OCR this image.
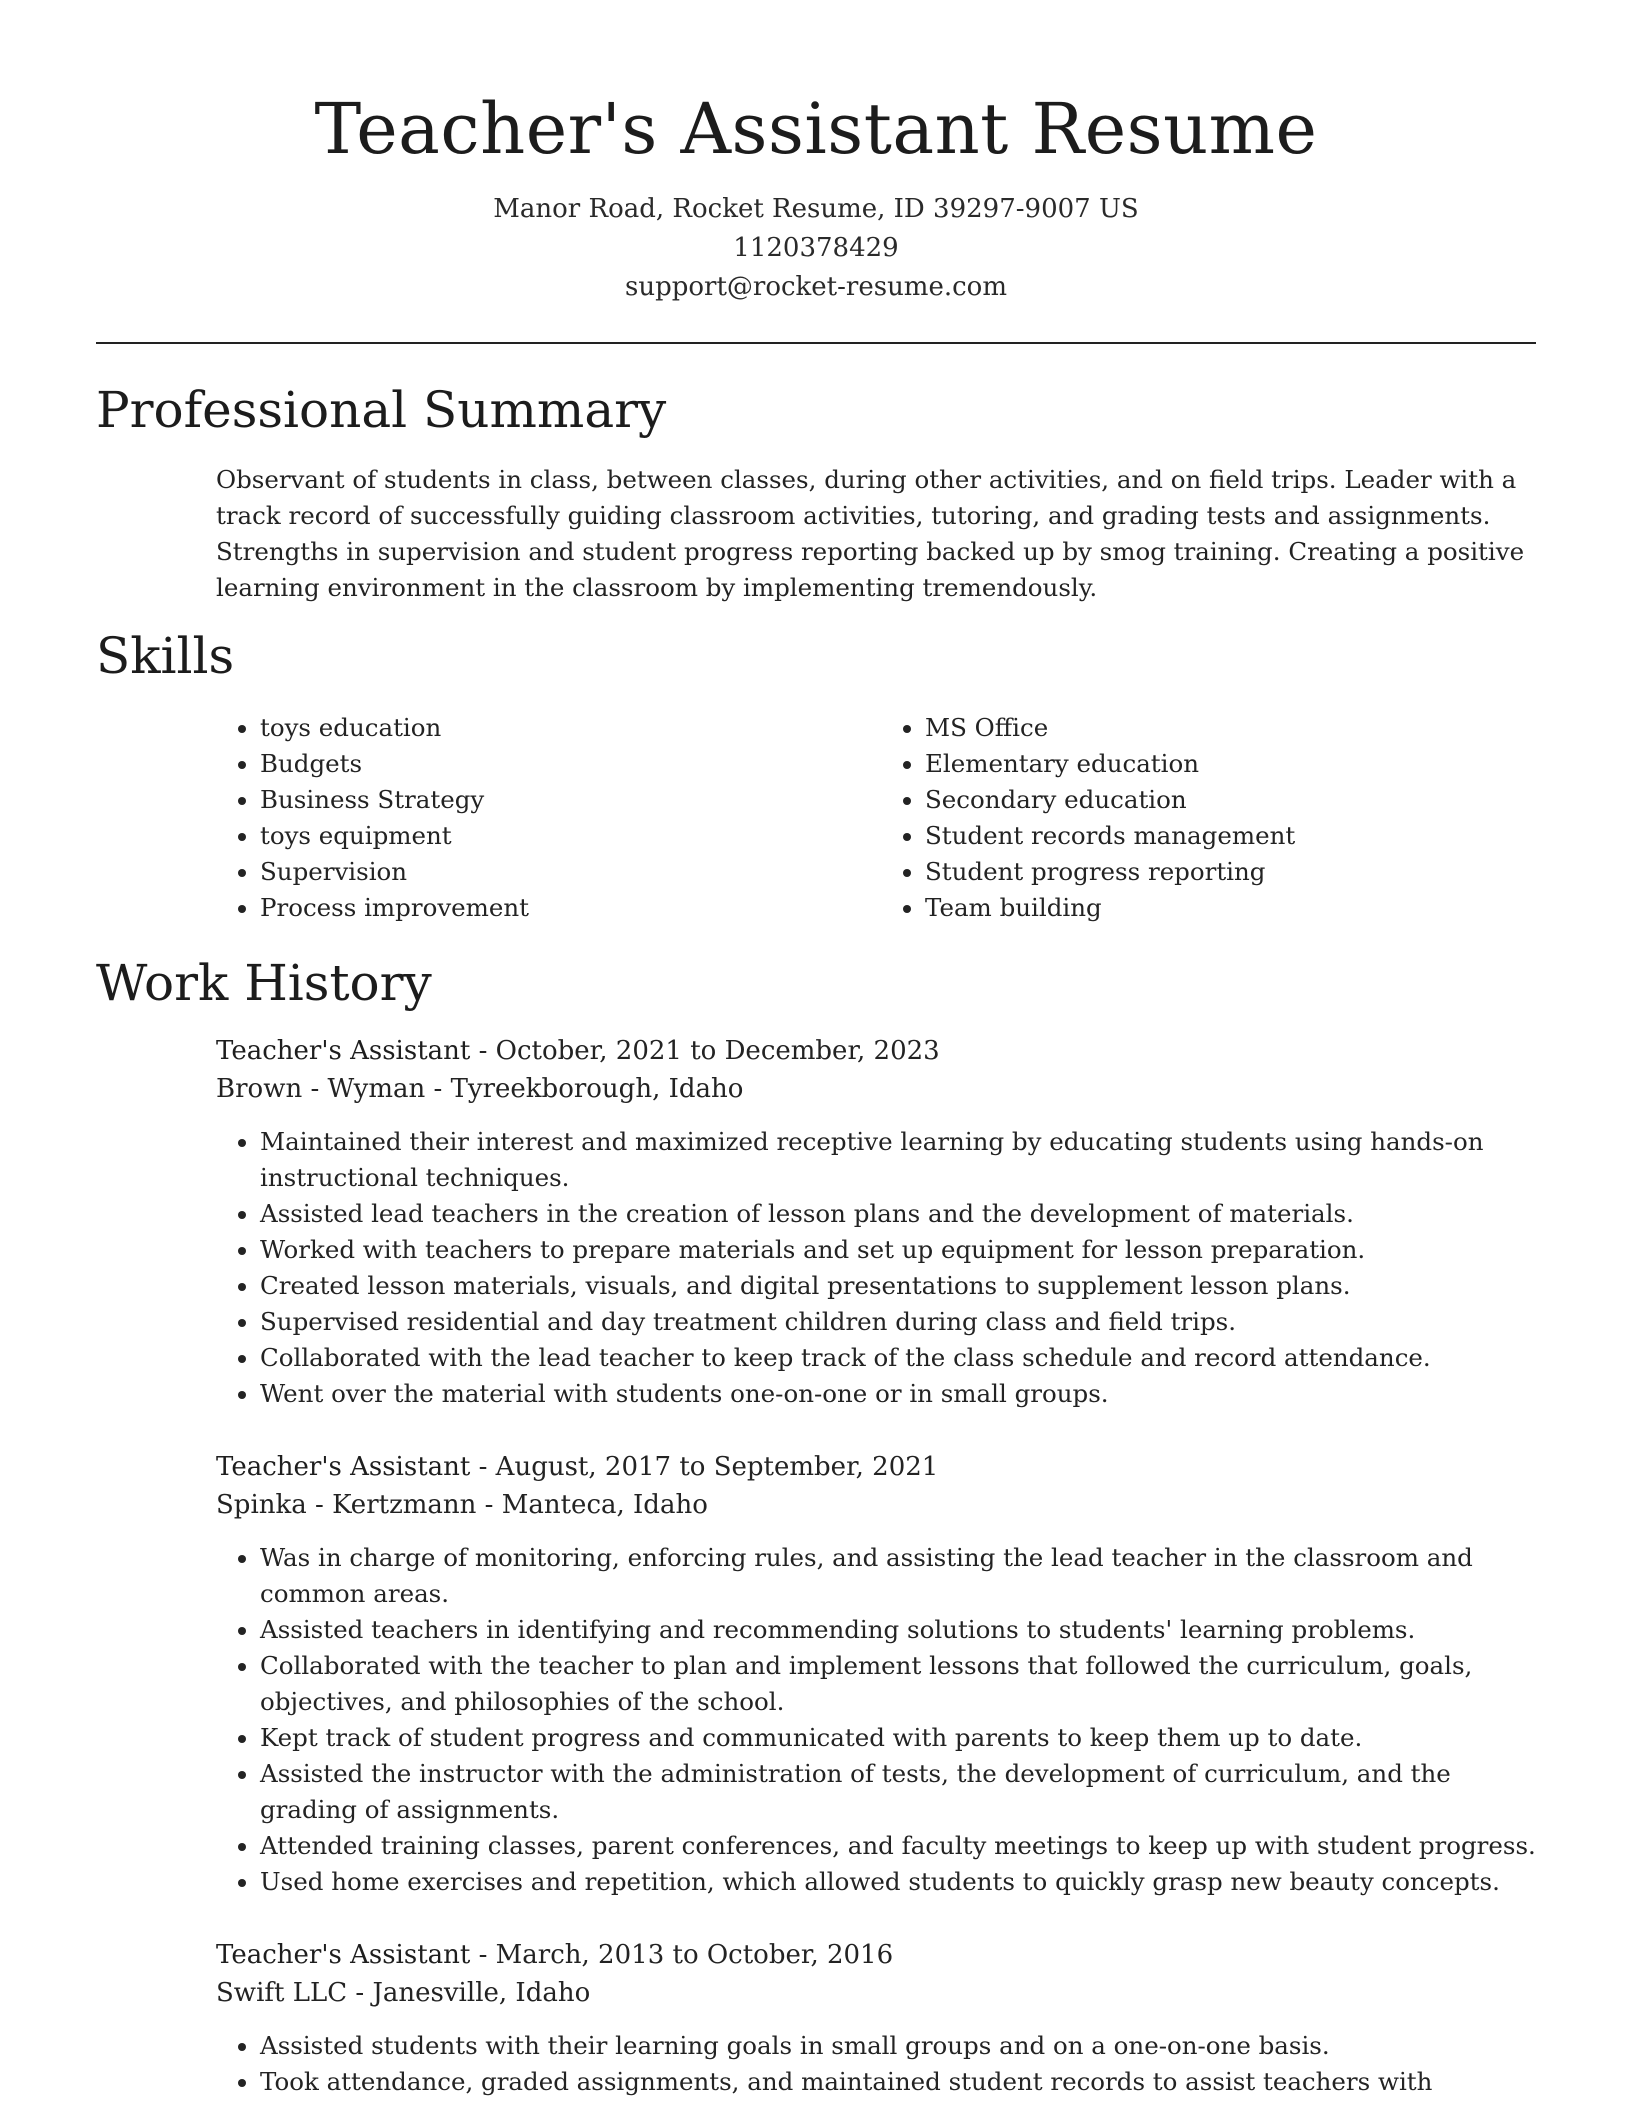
Teacher's Assistant Resume
Manor Road, Rocket Resume, ID 39297-9007 US
1120378429
support@rocket-resume.com
Professional Summary
Observant of students in class, between classes, during other activities, and on field trips. Leader with a track record of successfully guiding classroom activities, tutoring, and grading tests and assignments. Strengths in supervision and student progress reporting backed up by smog training. Creating a positive learning environment in the classroom by implementing tremendously.
Skills
• toys education
• Budgets
• Business Strategy
• toys equipment
• Supervision
• Process improvement
• MS Office
• Elementary education
• Secondary education
• Student records management
• Student progress reporting
• Team building
Work History
Teacher's Assistant - October, 2021 to December, 2023
Brown - Wyman - Tyreekborough, Idaho
• Maintained their interest and maximized receptive learning by educating students using hands-on instructional techniques.
• Assisted lead teachers in the creation of lesson plans and the development of materials.
• Worked with teachers to prepare materials and set up equipment for lesson preparation.
• Created lesson materials, visuals, and digital presentations to supplement lesson plans.
• Supervised residential and day treatment children during class and field trips.
• Collaborated with the lead teacher to keep track of the class schedule and record attendance.
• Went over the material with students one-on-one or in small groups.
Teacher's Assistant - August, 2017 to September, 2021
Spinka - Kertzmann - Manteca, Idaho
• Was in charge of monitoring, enforcing rules, and assisting the lead teacher in the classroom and common areas.
• Assisted teachers in identifying and recommending solutions to students' learning problems.
• Collaborated with the teacher to plan and implement lessons that followed the curriculum, goals, objectives, and philosophies of the school.
• Kept track of student progress and communicated with parents to keep them up to date.
• Assisted the instructor with the administration of tests, the development of curriculum, and the grading of assignments.
• Attended training classes, parent conferences, and faculty meetings to keep up with student progress.
• Used home exercises and repetition, which allowed students to quickly grasp new beauty concepts.
Teacher's Assistant - March, 2013 to October, 2016
Swift LLC - Janesville, Idaho
• Assisted students with their learning goals in small groups and on a one-on-one basis.
• Took attendance, graded assignments, and maintained student records to assist teachers with
